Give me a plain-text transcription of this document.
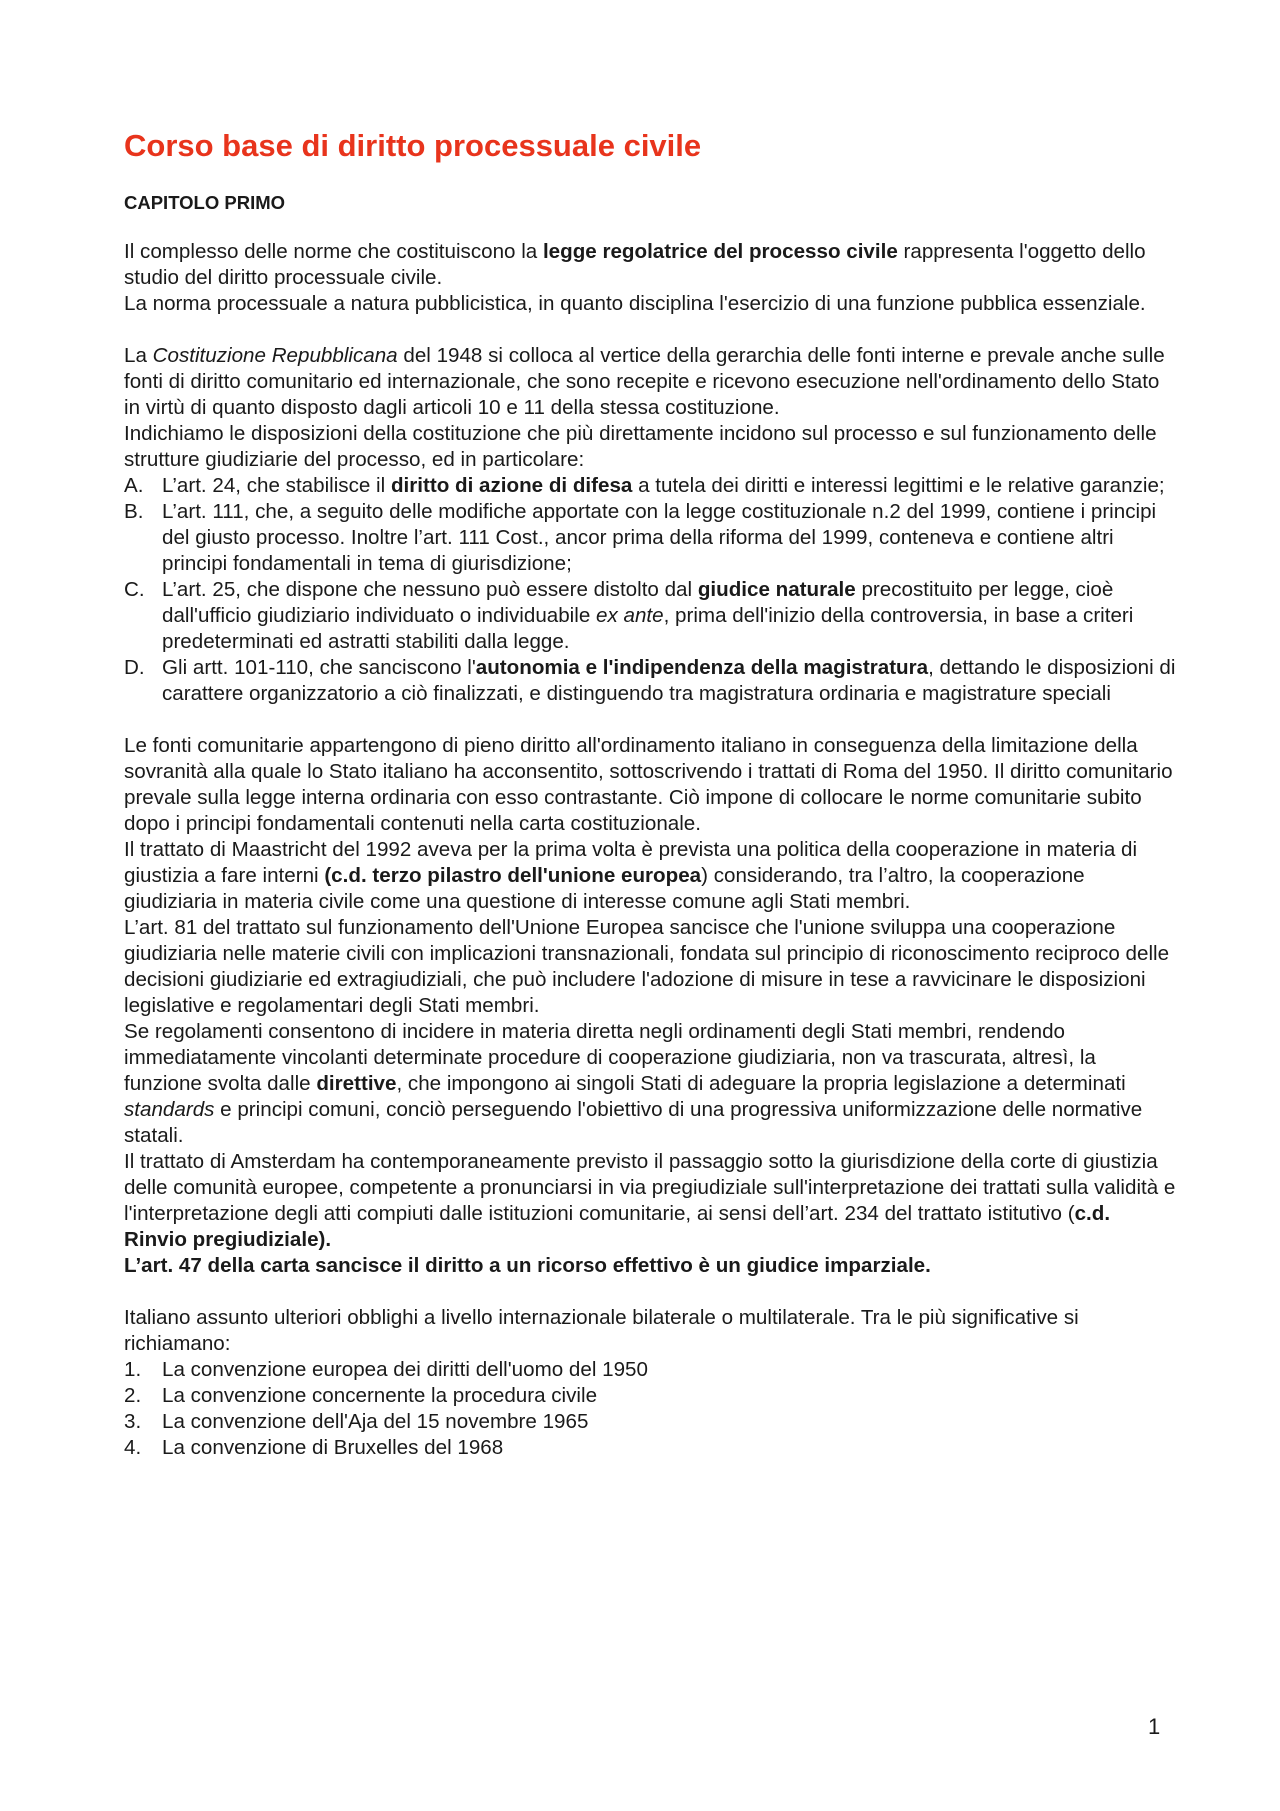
Corso base di diritto processuale civile
CAPITOLO PRIMO

Il complesso delle norme che costituiscono la legge regolatrice del processo civile rappresenta l'oggetto dello studio del diritto processuale civile.

La norma processuale a natura pubblicistica, in quanto disciplina l'esercizio di una funzione pubblica essenziale.

La Costituzione Repubblicana del 1948 si colloca al vertice della gerarchia delle fonti interne e prevale anche sulle fonti di diritto comunitario ed internazionale, che sono recepite e ricevono esecuzione nell'ordinamento dello Stato in virtù di quanto disposto dagli articoli 10 e 11 della stessa costituzione.

Indichiamo le disposizioni della costituzione che più direttamente incidono sul processo e sul funzionamento delle strutture giudiziarie del processo, ed in particolare:

A. L’art. 24, che stabilisce il diritto di azione di difesa a tutela dei diritti e interessi legittimi e le relative garanzie;
B. L’art. 111, che, a seguito delle modifiche apportate con la legge costituzionale n.2 del 1999, contiene i principi del giusto processo. Inoltre l’art. 111 Cost., ancor prima della riforma del 1999, conteneva e contiene altri principi fondamentali in tema di giurisdizione;
C. L’art. 25, che dispone che nessuno può essere distolto dal giudice naturale precostituito per legge, cioè dall'ufficio giudiziario individuato o individuabile ex ante, prima dell'inizio della controversia, in base a criteri predeterminati ed astratti stabiliti dalla legge.
D. Gli artt. 101-110, che sanciscono l'autonomia e l'indipendenza della magistratura, dettando le disposizioni di carattere organizzatorio a ciò finalizzati, e distinguendo tra magistratura ordinaria e magistrature speciali

Le fonti comunitarie appartengono di pieno diritto all'ordinamento italiano in conseguenza della limitazione della sovranità alla quale lo Stato italiano ha acconsentito, sottoscrivendo i trattati di Roma del 1950. Il diritto comunitario prevale sulla legge interna ordinaria con esso contrastante. Ciò impone di collocare le norme comunitarie subito dopo i principi fondamentali contenuti nella carta costituzionale.

Il trattato di Maastricht del 1992 aveva per la prima volta è prevista una politica della cooperazione in materia di giustizia a fare interni (c.d. terzo pilastro dell'unione europea) considerando, tra l’altro, la cooperazione giudiziaria in materia civile come una questione di interesse comune agli Stati membri.

L’art. 81 del trattato sul funzionamento dell'Unione Europea sancisce che l'unione sviluppa una cooperazione giudiziaria nelle materie civili con implicazioni transnazionali, fondata sul principio di riconoscimento reciproco delle decisioni giudiziarie ed extragiudiziali, che può includere l'adozione di misure in tese a ravvicinare le disposizioni legislative e regolamentari degli Stati membri.

Se regolamenti consentono di incidere in materia diretta negli ordinamenti degli Stati membri, rendendo immediatamente vincolanti determinate procedure di cooperazione giudiziaria, non va trascurata, altresì, la funzione svolta dalle direttive, che impongono ai singoli Stati di adeguare la propria legislazione a determinati standards e principi comuni, conciò perseguendo l'obiettivo di una progressiva uniformizzazione delle normative statali.

Il trattato di Amsterdam ha contemporaneamente previsto il passaggio sotto la giurisdizione della corte di giustizia delle comunità europee, competente a pronunciarsi in via pregiudiziale sull'interpretazione dei trattati sulla validità e l'interpretazione degli atti compiuti dalle istituzioni comunitarie, ai sensi dell’art. 234 del trattato istitutivo (c.d. Rinvio pregiudiziale).

L’art. 47 della carta sancisce il diritto a un ricorso effettivo è un giudice imparziale.

Italiano assunto ulteriori obblighi a livello internazionale bilaterale o multilaterale. Tra le più significative si richiamano:

1. La convenzione europea dei diritti dell'uomo del 1950
2. La convenzione concernente la procedura civile
3. La convenzione dell'Aja del 15 novembre 1965
4. La convenzione di Bruxelles del 1968
1
